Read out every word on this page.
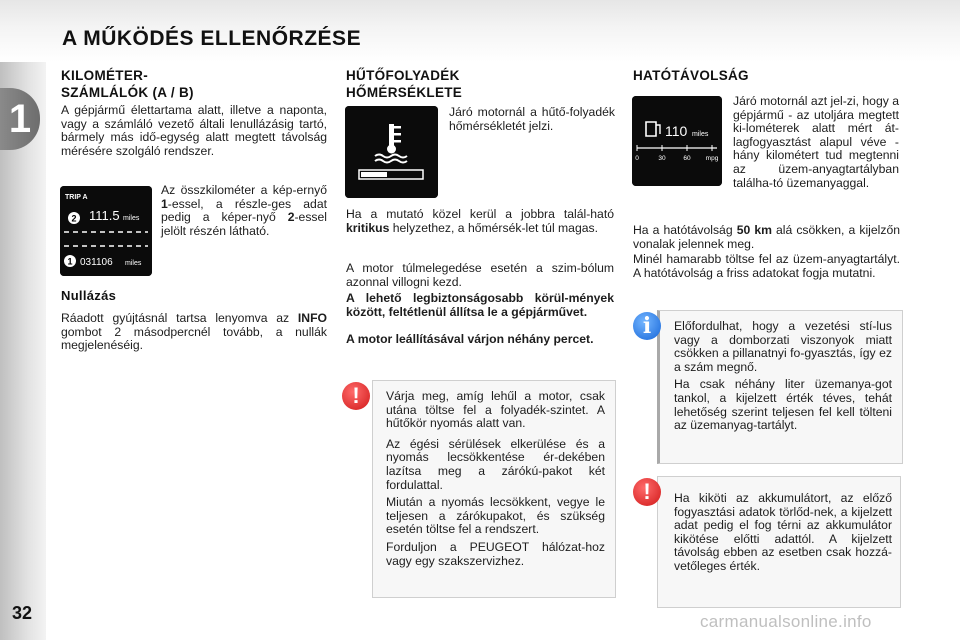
A MŰKÖDÉS ELLENŐRZÉSE
1
32
KILOMÉTER-
SZÁMLÁLÓK (A / B)
A gépjármű élettartama alatt, illetve a naponta, vagy a számláló vezető általi lenullázásig tartó, bármely más idő-egység alatt megtett távolság mérésére szolgáló rendszer.
TRIP A
2 111.5 miles
1 031106 miles
Az összkilométer a kép-ernyő 1-essel, a részle-ges adat pedig a képer-nyő 2-essel jelölt részén látható.
Nullázás
Ráadott gyújtásnál tartsa lenyomva az INFO gombot 2 másodpercnél tovább, a nullák megjelenéséig.
HŰTŐFOLYADÉK
HŐMÉRSÉKLETE
Járó motornál a hűtő-folyadék hőmérsékletét jelzi.
Ha a mutató közel kerül a jobbra talál-ható kritikus helyzethez, a hőmérsék-let túl magas.
A motor túlmelegedése esetén a szim-bólum azonnal villogni kezd.
A lehető legbiztonságosabb körül-mények között, feltétlenül állítsa le a gépjárművet.
A motor leállításával várjon néhány percet.
!	Várja meg, amíg lehűl a motor, csak utána töltse fel a folyadék-szintet. A hűtőkör nyomás alatt van.

Az égési sérülések elkerülése és a nyomás lecsökkentése ér-dekében lazítsa meg a zárókú-pakot két fordulattal.

Miután a nyomás lecsökkent, vegye le teljesen a zárókupakot, és szükség esetén töltse fel a rendszert.

Forduljon a PEUGEOT hálózat-hoz vagy egy szakszervizhez.

HATÓTÁVOLSÁG
110 miles
0	30	60 mpg
Járó motornál azt jel-zi, hogy a gépjármű - az utoljára megtett ki-lométerek alatt mért át-lagfogyasztást alapul véve - hány kilométert tud megtenni az üzem-anyagtartályban találha-tó üzemanyaggal.
Ha a hatótávolság 50 km alá csökken, a kijelzőn vonalak jelennek meg.
Minél hamarabb töltse fel az üzem-anyagtartályt. A hatótávolság a friss adatokat fogja mutatni.
i	Előfordulhat, hogy a vezetési stí-lus vagy a domborzati viszonyok miatt csökken a pillanatnyi fo-gyasztás, így ez a szám megnő.

Ha csak néhány liter üzemanya-got tankol, a kijelzett érték téves, tehát lehetőség szerint teljesen fel kell tölteni az üzemanyag-tartályt.

!	Ha kiköti az akkumulátort, az előző fogyasztási adatok törlőd-nek, a kijelzett adat pedig el fog térni az akkumulátor kikötése előtti adattól. A kijelzett távolság ebben az esetben csak hozzá-vetőleges érték.
carmanualsonline.info
